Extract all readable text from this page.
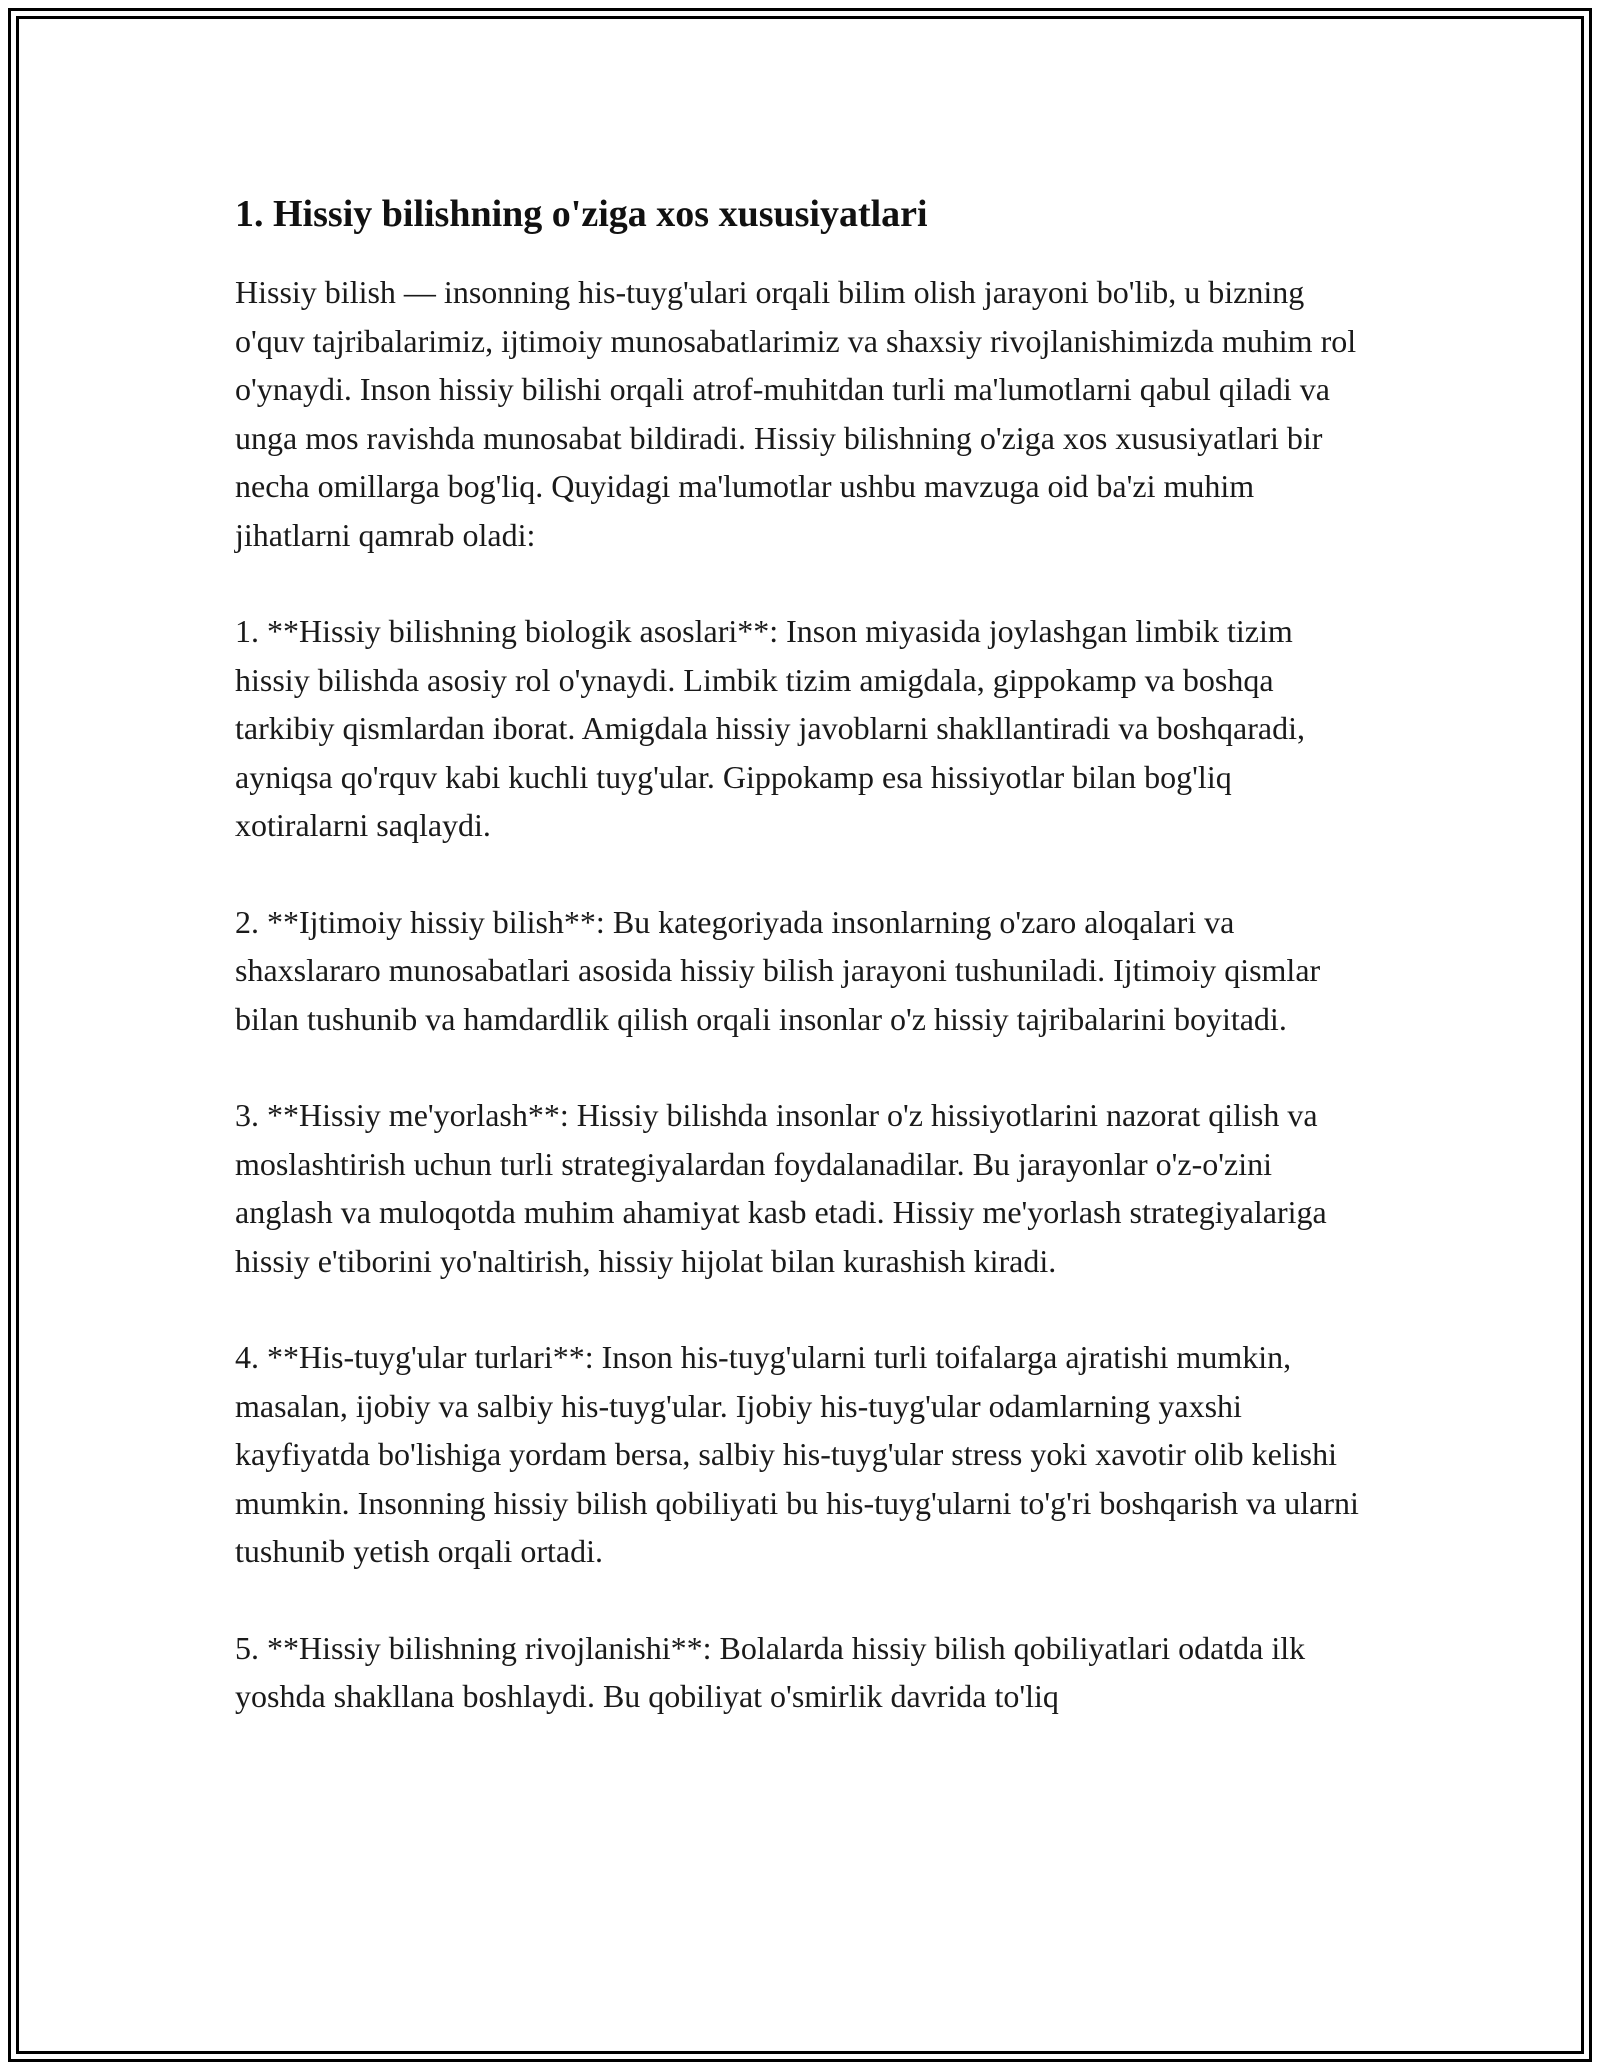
1. Hissiy bilishning o'ziga xos xususiyatlari

Hissiy bilish — insonning his-tuyg'ulari orqali bilim olish jarayoni bo'lib, u bizning o'quv tajribalarimiz, ijtimoiy munosabatlarimiz va shaxsiy rivojlanishimizda muhim rol o'ynaydi. Inson hissiy bilishi orqali atrof-muhitdan turli ma'lumotlarni qabul qiladi va unga mos ravishda munosabat bildiradi. Hissiy bilishning o'ziga xos xususiyatlari bir necha omillarga bog'liq. Quyidagi ma'lumotlar ushbu mavzuga oid ba'zi muhim jihatlarni qamrab oladi:

1. **Hissiy bilishning biologik asoslari**: Inson miyasida joylashgan limbik tizim hissiy bilishda asosiy rol o'ynaydi. Limbik tizim amigdala, gippokamp va boshqa tarkibiy qismlardan iborat. Amigdala hissiy javoblarni shakllantiradi va boshqaradi, ayniqsa qo'rquv kabi kuchli tuyg'ular. Gippokamp esa hissiyotlar bilan bog'liq xotiralarni saqlaydi.

2. **Ijtimoiy hissiy bilish**: Bu kategoriyada insonlarning o'zaro aloqalari va shaxslararo munosabatlari asosida hissiy bilish jarayoni tushuniladi. Ijtimoiy qismlar bilan tushunib va hamdardlik qilish orqali insonlar o'z hissiy tajribalarini boyitadi.

3. **Hissiy me'yorlash**: Hissiy bilishda insonlar o'z hissiyotlarini nazorat qilish va moslashtirish uchun turli strategiyalardan foydalanadilar. Bu jarayonlar o'z-o'zini anglash va muloqotda muhim ahamiyat kasb etadi. Hissiy me'yorlash strategiyalariga hissiy e'tiborini yo'naltirish, hissiy hijolat bilan kurashish kiradi.

4. **His-tuyg'ular turlari**: Inson his-tuyg'ularni turli toifalarga ajratishi mumkin, masalan, ijobiy va salbiy his-tuyg'ular. Ijobiy his-tuyg'ular odamlarning yaxshi kayfiyatda bo'lishiga yordam bersa, salbiy his-tuyg'ular stress yoki xavotir olib kelishi mumkin. Insonning hissiy bilish qobiliyati bu his-tuyg'ularni to'g'ri boshqarish va ularni tushunib yetish orqali ortadi.

5. **Hissiy bilishning rivojlanishi**: Bolalarda hissiy bilish qobiliyatlari odatda ilk yoshda shakllana boshlaydi. Bu qobiliyat o'smirlik davrida to'liq
